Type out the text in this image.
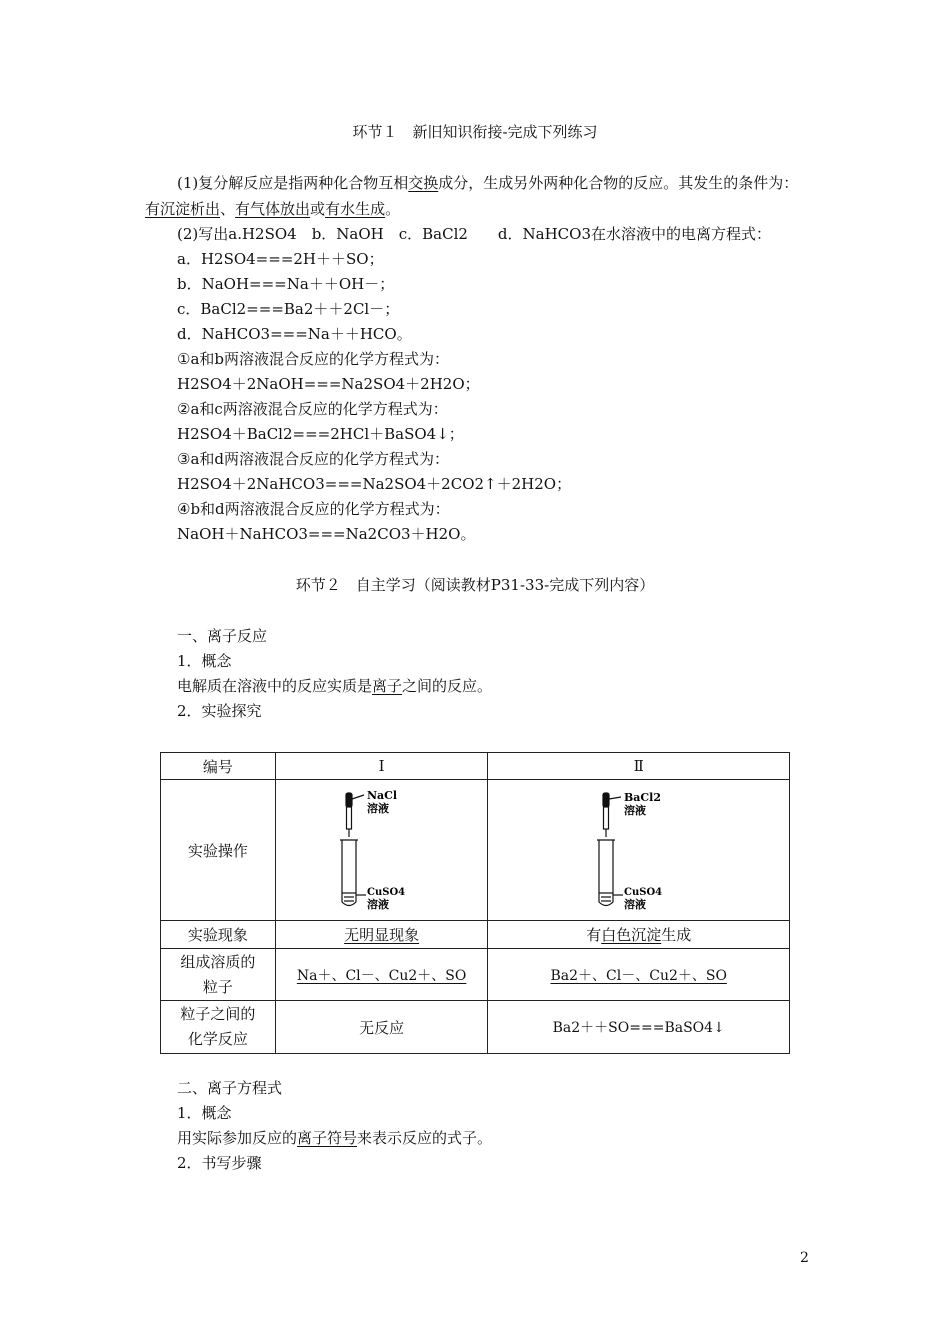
环节１　新旧知识衔接-完成下列练习
(1)复分解反应是指两种化合物互相交换成分，生成另外两种化合物的反应。其发生的条件为：有沉淀析出、有气体放出或有水生成。
(2)写出a.H2SO4　b．NaOH　c．BaCl2　　d．NaHCO3在水溶液中的电离方程式：
a．H2SO4===2H＋＋SO；
b．NaOH===Na＋＋OH－；
c．BaCl2===Ba2＋＋2Cl－；
d．NaHCO3===Na＋＋HCO。
①a和b两溶液混合反应的化学方程式为：
H2SO4＋2NaOH===Na2SO4＋2H2O；
②a和c两溶液混合反应的化学方程式为：
H2SO4＋BaCl2===2HCl＋BaSO4↓；
③a和d两溶液混合反应的化学方程式为：
H2SO4＋2NaHCO3===Na2SO4＋2CO2↑＋2H2O；
④b和d两溶液混合反应的化学方程式为：
NaOH＋NaHCO3===Na2CO3＋H2O。
环节２　自主学习（阅读教材P31-33-完成下列内容）
一、离子反应
1．概念
电解质在溶液中的反应实质是离子之间的反应。
2．实验探究
编号	Ⅰ	Ⅱ
实验操作	NaCl
溶液
CuSO4
溶液	BaCl2
溶液
CuSO4
溶液

实验现象	无明显现象	有白色沉淀生成

组成溶质的
粒子	Na＋、Cl－、Cu2＋、SO	Ba2＋、Cl－、Cu2＋、SO

粒子之间的
化学反应	无反应	Ba2＋＋SO===BaSO4↓
二、离子方程式
1．概念
用实际参加反应的离子符号来表示反应的式子。
2．书写步骤
2
